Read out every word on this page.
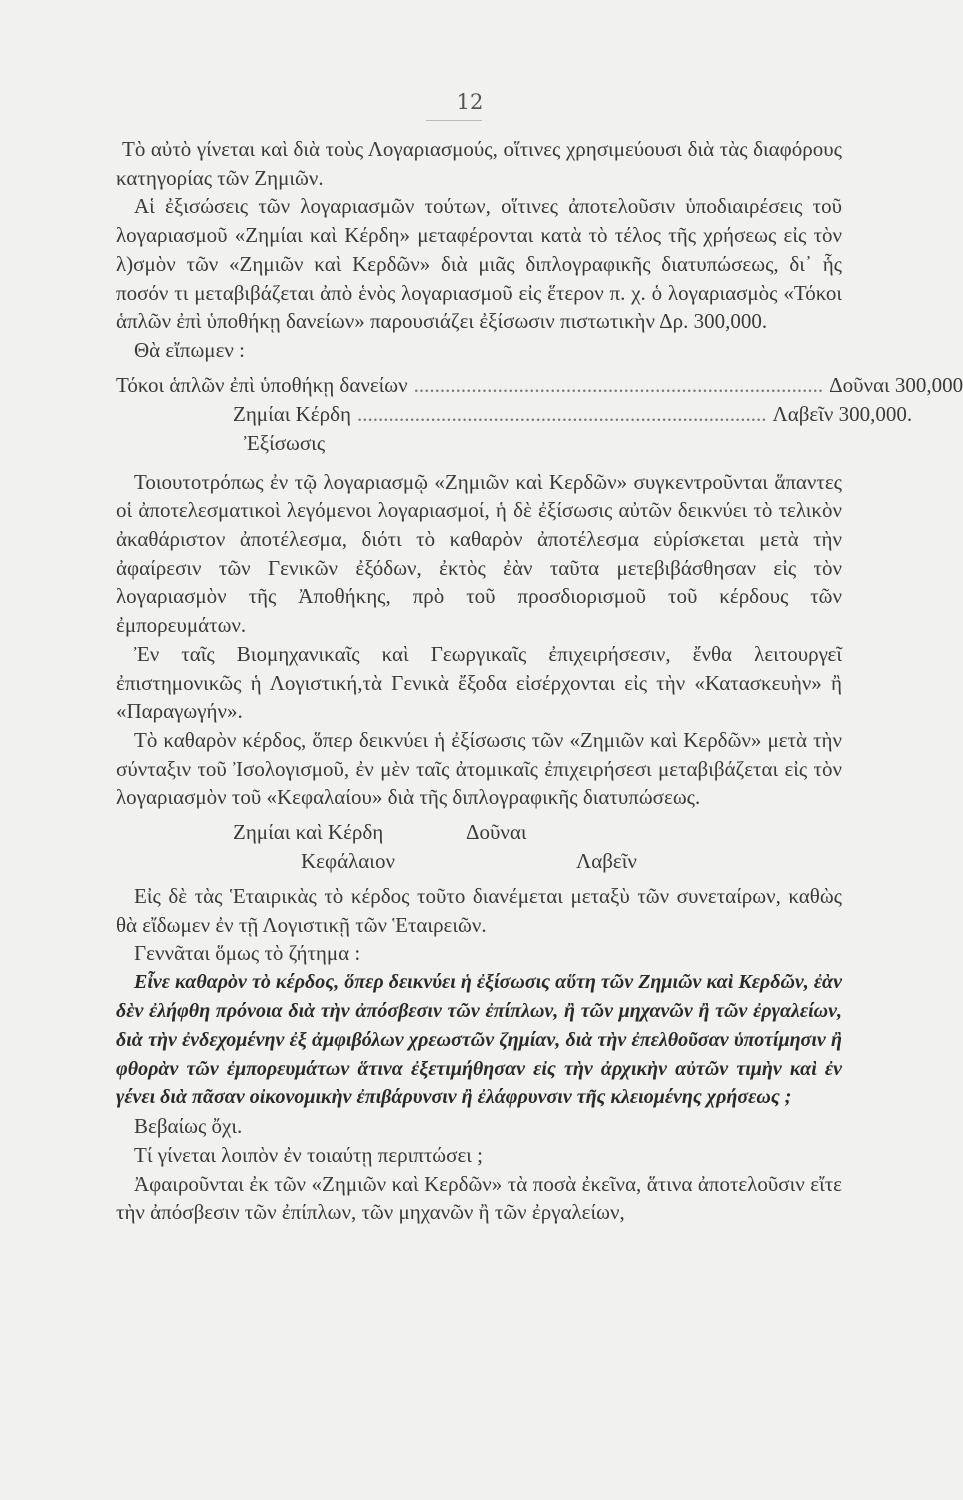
12

Τὸ αὐτὸ γίνεται καὶ διὰ τοὺς Λογαριασμούς, οἵτινες χρησιμεύουσι διὰ τὰς διαφόρους κατηγορίας τῶν Ζημιῶν.

Αἱ ἐξισώσεις τῶν λογαριασμῶν τούτων, οἵτινες ἀποτελοῦσιν ὑποδιαιρέσεις τοῦ λογαριασμοῦ «Ζημίαι καὶ Κέρδη» μεταφέρονται κατὰ τὸ τέλος τῆς χρήσεως εἰς τὸν λ)σμὸν τῶν «Ζημιῶν καὶ Κερδῶν» διὰ μιᾶς διπλογραφικῆς διατυπώσεως, δι᾽ ἧς ποσόν τι μεταβιβάζεται ἀπὸ ἑνὸς λογαριασμοῦ εἰς ἕτερον π. χ. ὁ λογαριασμὸς «Τόκοι ἁπλῶν ἐπὶ ὑποθήκῃ δανείων» παρουσιάζει ἐξίσωσιν πιστωτικὴν Δρ. 300,000.

Θὰ εἴπωμεν :

Τόκοι ἁπλῶν ἐπὶ ὑποθήκῃ δανείων .............................................................................. Δοῦναι 300,000
Ζημίαι Κέρδη .............................................................................. Λαβεῖν 300,000.
Ἐξίσωσις

Τοιουτοτρόπως ἐν τῷ λογαριασμῷ «Ζημιῶν καὶ Κερδῶν» συγκεντροῦνται ἅπαντες οἱ ἀποτελεσματικοὶ λεγόμενοι λογαριασμοί, ἡ δὲ ἐξίσωσις αὐτῶν δεικνύει τὸ τελικὸν ἀκαθάριστον ἀποτέλεσμα, διότι τὸ καθαρὸν ἀποτέλεσμα εὑρίσκεται μετὰ τὴν ἀφαίρεσιν τῶν Γενικῶν ἐξόδων, ἐκτὸς ἐὰν ταῦτα μετεβιβάσθησαν εἰς τὸν λογαριασμὸν τῆς Ἀποθήκης, πρὸ τοῦ προσδιορισμοῦ τοῦ κέρδους τῶν ἐμπορευμάτων.

Ἐν ταῖς Βιομηχανικαῖς καὶ Γεωργικαῖς ἐπιχειρήσεσιν, ἔνθα λειτουργεῖ ἐπιστημονικῶς ἡ Λογιστική,τὰ Γενικὰ ἔξοδα εἰσέρχονται εἰς τὴν «Κατασκευὴν» ἢ «Παραγωγήν».

Τὸ καθαρὸν κέρδος, ὅπερ δεικνύει ἡ ἐξίσωσις τῶν «Ζημιῶν καὶ Κερδῶν» μετὰ τὴν σύνταξιν τοῦ Ἰσολογισμοῦ, ἐν μὲν ταῖς ἀτομικαῖς ἐπιχειρήσεσι μεταβιβάζεται εἰς τὸν λογαριασμὸν τοῦ «Κεφαλαίου» διὰ τῆς διπλογραφικῆς διατυπώσεως.

Ζημίαι καὶ Κέρδη	Δοῦναι
Κεφάλαιον	Λαβεῖν

Εἰς δὲ τὰς Ἑταιρικὰς τὸ κέρδος τοῦτο διανέμεται μεταξὺ τῶν συνεταίρων, καθὼς θὰ εἴδωμεν ἐν τῇ Λογιστικῇ τῶν Ἑταιρειῶν.

Γεννᾶται ὅμως τὸ ζήτημα :

Εἶνε καθαρὸν τὸ κέρδος, ὅπερ δεικνύει ἡ ἐξίσωσις αὕτη τῶν Ζημιῶν καὶ Κερδῶν, ἐὰν δὲν ἐλήφθη πρόνοια διὰ τὴν ἀπόσβεσιν τῶν ἐπίπλων, ἢ τῶν μηχανῶν ἢ τῶν ἐργαλείων, διὰ τὴν ἐνδεχομένην ἐξ ἀμφιβόλων χρεωστῶν ζημίαν, διὰ τὴν ἐπελθοῦσαν ὑποτίμησιν ἢ φθορὰν τῶν ἐμπορευμάτων ἅτινα ἐξετιμήθησαν εἰς τὴν ἀρχικὴν αὐτῶν τιμὴν καὶ ἐν γένει διὰ πᾶσαν οἰκονομικὴν ἐπιβάρυνσιν ἢ ἐλάφρυνσιν τῆς κλειομένης χρήσεως ;

Βεβαίως ὄχι.

Τί γίνεται λοιπὸν ἐν τοιαύτῃ περιπτώσει ;

Ἀφαιροῦνται ἐκ τῶν «Ζημιῶν καὶ Κερδῶν» τὰ ποσὰ ἐκεῖνα, ἅτινα ἀποτελοῦσιν εἴτε τὴν ἀπόσβεσιν τῶν ἐπίπλων, τῶν μηχανῶν ἢ τῶν ἐργαλείων,
